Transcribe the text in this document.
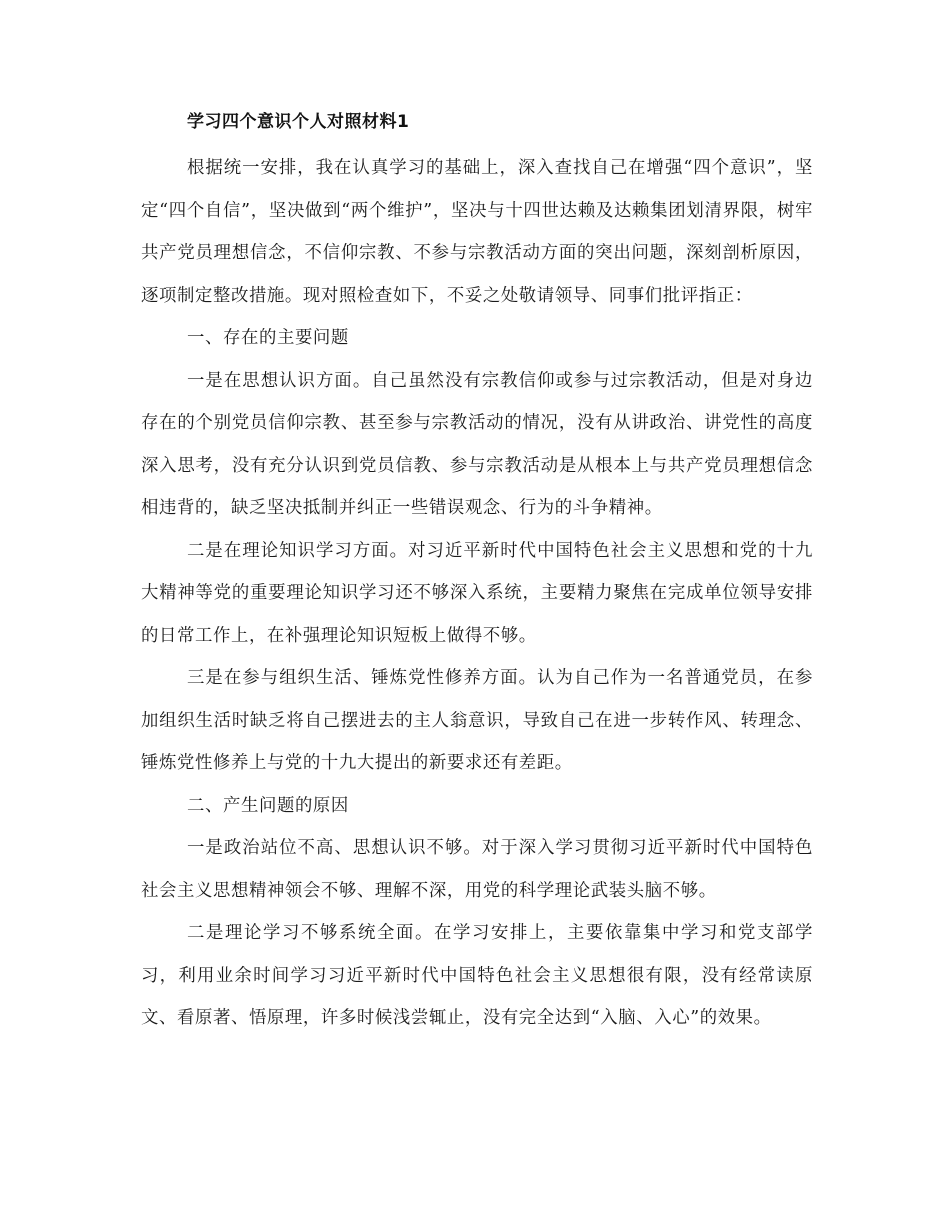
学习四个意识个人对照材料1

根据统一安排，我在认真学习的基础上，深入查找自己在增强“四个意识”，坚定“四个自信”，坚决做到“两个维护”，坚决与十四世达赖及达赖集团划清界限，树牢共产党员理想信念，不信仰宗教、不参与宗教活动方面的突出问题，深刻剖析原因，逐项制定整改措施。现对照检查如下，不妥之处敬请领导、同事们批评指正：

一、存在的主要问题

一是在思想认识方面。自己虽然没有宗教信仰或参与过宗教活动，但是对身边存在的个别党员信仰宗教、甚至参与宗教活动的情况，没有从讲政治、讲党性的高度深入思考，没有充分认识到党员信教、参与宗教活动是从根本上与共产党员理想信念相违背的，缺乏坚决抵制并纠正一些错误观念、行为的斗争精神。

二是在理论知识学习方面。对习近平新时代中国特色社会主义思想和党的十九大精神等党的重要理论知识学习还不够深入系统，主要精力聚焦在完成单位领导安排的日常工作上，在补强理论知识短板上做得不够。

三是在参与组织生活、锤炼党性修养方面。认为自己作为一名普通党员，在参加组织生活时缺乏将自己摆进去的主人翁意识，导致自己在进一步转作风、转理念、锤炼党性修养上与党的十九大提出的新要求还有差距。

二、产生问题的原因

一是政治站位不高、思想认识不够。对于深入学习贯彻习近平新时代中国特色社会主义思想精神领会不够、理解不深，用党的科学理论武装头脑不够。

二是理论学习不够系统全面。在学习安排上，主要依靠集中学习和党支部学习，利用业余时间学习习近平新时代中国特色社会主义思想很有限，没有经常读原文、看原著、悟原理，许多时候浅尝辄止，没有完全达到“入脑、入心”的效果。
